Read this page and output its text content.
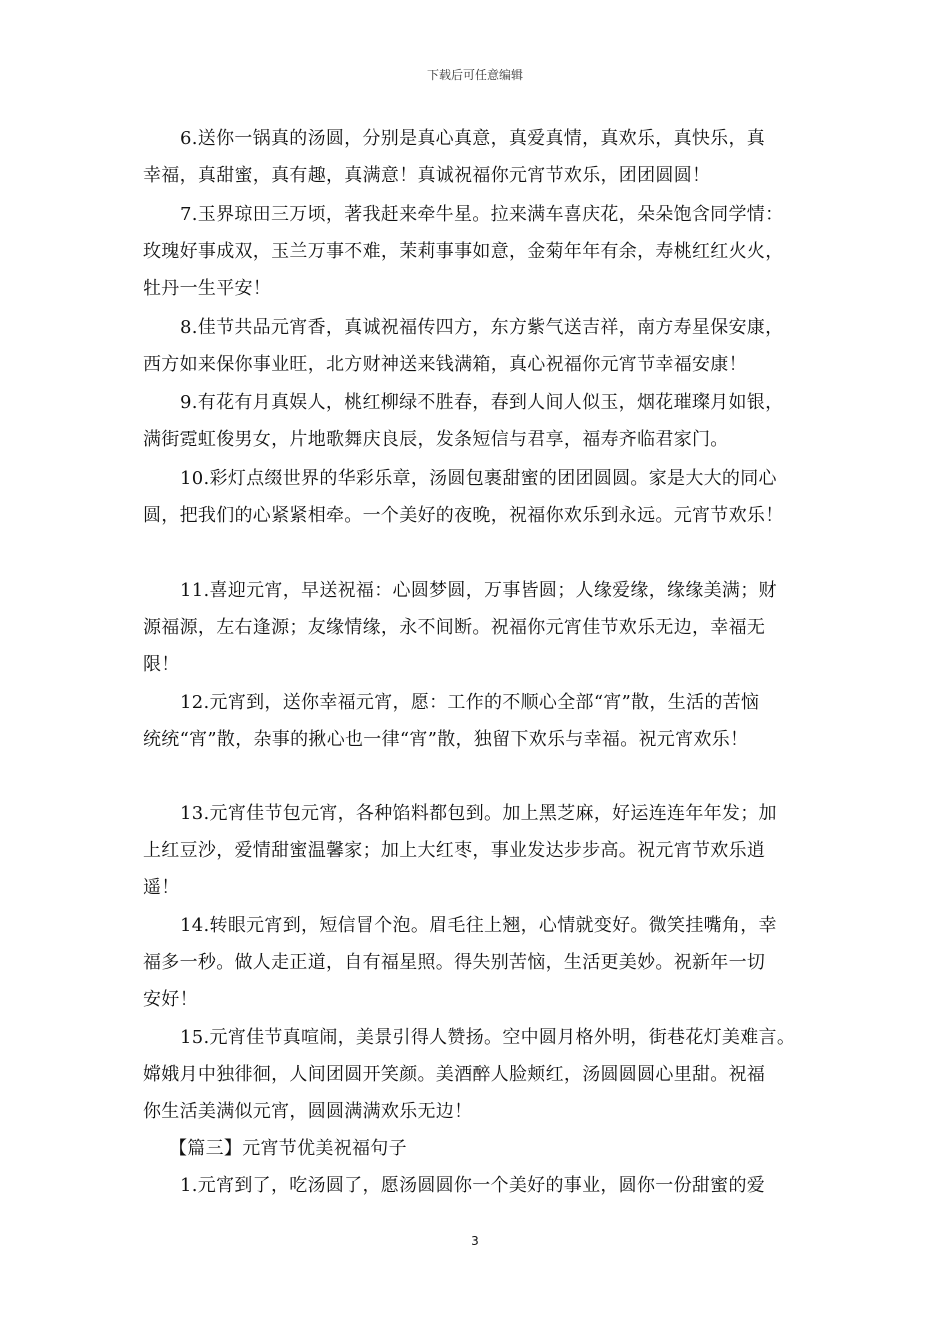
下载后可任意编辑
6.送你一锅真的汤圆，分别是真心真意，真爱真情，真欢乐，真快乐，真
幸福，真甜蜜，真有趣，真满意！真诚祝福你元宵节欢乐，团团圆圆！
7.玉界琼田三万顷，著我赶来牵牛星。拉来满车喜庆花，朵朵饱含同学情：
玫瑰好事成双，玉兰万事不难，茉莉事事如意，金菊年年有余，寿桃红红火火，
牡丹一生平安！
8.佳节共品元宵香，真诚祝福传四方，东方紫气送吉祥，南方寿星保安康，
西方如来保你事业旺，北方财神送来钱满箱，真心祝福你元宵节幸福安康！
9.有花有月真娱人，桃红柳绿不胜春，春到人间人似玉，烟花璀璨月如银，
满街霓虹俊男女，片地歌舞庆良辰，发条短信与君享，福寿齐临君家门。
10.彩灯点缀世界的华彩乐章，汤圆包裹甜蜜的团团圆圆。家是大大的同心
圆，把我们的心紧紧相牵。一个美好的夜晚，祝福你欢乐到永远。元宵节欢乐！
11.喜迎元宵，早送祝福：心圆梦圆，万事皆圆；人缘爱缘，缘缘美满；财
源福源，左右逢源；友缘情缘，永不间断。祝福你元宵佳节欢乐无边，幸福无
限！
12.元宵到，送你幸福元宵，愿：工作的不顺心全部“宵”散，生活的苦恼
统统“宵”散，杂事的揪心也一律“宵”散，独留下欢乐与幸福。祝元宵欢乐！
13.元宵佳节包元宵，各种馅料都包到。加上黑芝麻，好运连连年年发；加
上红豆沙，爱情甜蜜温馨家；加上大红枣，事业发达步步高。祝元宵节欢乐逍
遥！
14.转眼元宵到，短信冒个泡。眉毛往上翘，心情就变好。微笑挂嘴角，幸
福多一秒。做人走正道，自有福星照。得失别苦恼，生活更美妙。祝新年一切
安好！
15.元宵佳节真喧闹，美景引得人赞扬。空中圆月格外明，街巷花灯美难言。
嫦娥月中独徘徊，人间团圆开笑颜。美酒醉人脸颊红，汤圆圆圆心里甜。祝福
你生活美满似元宵，圆圆满满欢乐无边！
【篇三】元宵节优美祝福句子
1.元宵到了，吃汤圆了，愿汤圆圆你一个美好的事业，圆你一份甜蜜的爱
3
